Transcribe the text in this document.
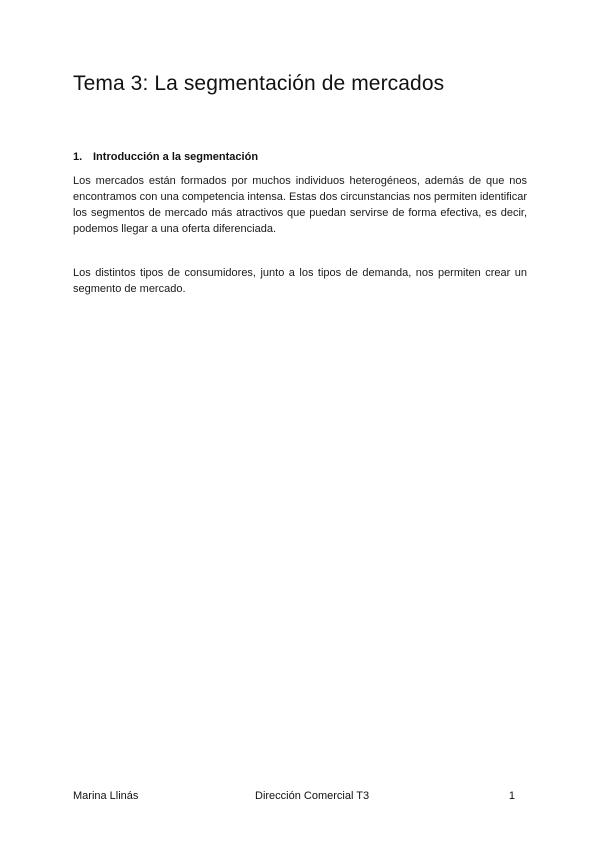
Tema 3: La segmentación de mercados
1. Introducción a la segmentación

Los mercados están formados por muchos individuos heterogéneos, además de que nos encontramos con una competencia intensa. Estas dos circunstancias nos permiten identificar los segmentos de mercado más atractivos que puedan servirse de forma efectiva, es decir, podemos llegar a una oferta diferenciada.

Los distintos tipos de consumidores, junto a los tipos de demanda, nos permiten crear un segmento de mercado.

Marina Llinás	Dirección Comercial T3	1
